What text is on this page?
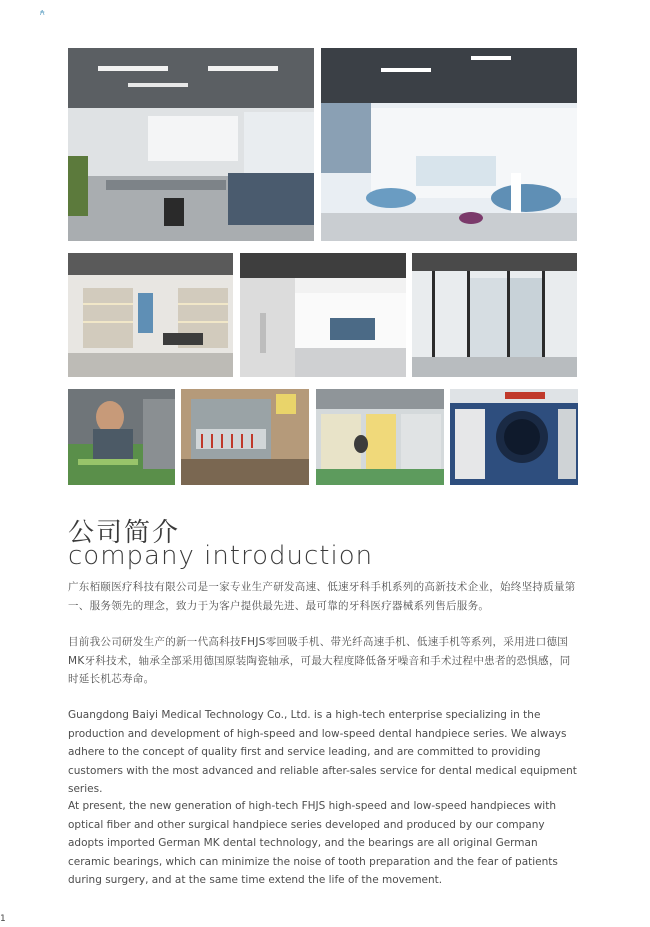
₳
公司简介
company introduction

广东栢颐医疗科技有限公司是一家专业生产研发高速、低速牙科手机系列的高新技术企业，始终坚持质量第一、服务领先的理念，致力于为客户提供最先进、最可靠的牙科医疗器械系列售后服务。

目前我公司研发生产的新一代高科技FHJS零回吸手机、带光纤高速手机、低速手机等系列，采用进口德国MK牙科技术，轴承全部采用德国原装陶瓷轴承，可最大程度降低备牙噪音和手术过程中患者的恐惧感，同时延长机芯寿命。

Guangdong Baiyi Medical Technology Co., Ltd. is a high-tech enterprise specializing in the production and development of high-speed and low-speed dental handpiece series. We always adhere to the concept of quality first and service leading, and are committed to providing customers with the most advanced and reliable after-sales service for dental medical equipment series.

At present, the new generation of high-tech FHJS high-speed and low-speed handpieces with optical fiber and other surgical handpiece series developed and produced by our company adopts imported German MK dental technology, and the bearings are all original German ceramic bearings, which can minimize the noise of tooth preparation and the fear of patients during surgery, and at the same time extend the life of the movement.

1
